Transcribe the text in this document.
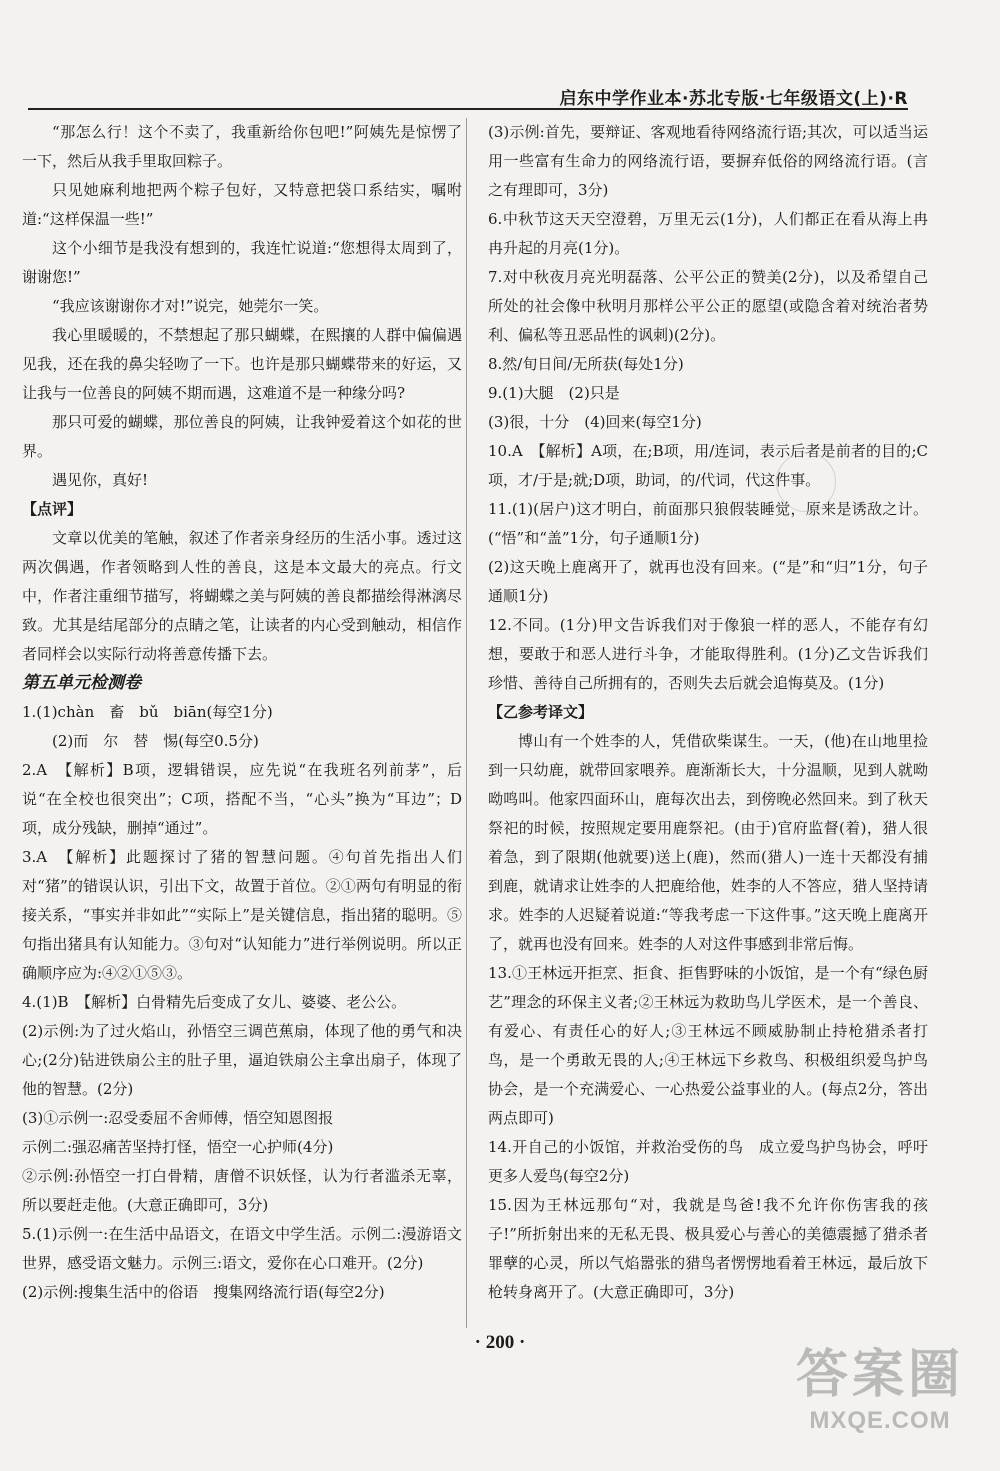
启东中学作业本·苏北专版·七年级语文(上)·R

“那怎么行！这个不卖了，我重新给你包吧!”阿姨先是惊愣了一下，然后从我手里取回粽子。

只见她麻利地把两个粽子包好，又特意把袋口系结实，嘱咐道:“这样保温一些!”

这个小细节是我没有想到的，我连忙说道:“您想得太周到了，谢谢您!”

“我应该谢谢你才对!”说完，她莞尔一笑。

我心里暖暖的，不禁想起了那只蝴蝶，在熙攘的人群中偏偏遇见我，还在我的鼻尖轻吻了一下。也许是那只蝴蝶带来的好运，又让我与一位善良的阿姨不期而遇，这难道不是一种缘分吗?

那只可爱的蝴蝶，那位善良的阿姨，让我钟爱着这个如花的世界。

遇见你，真好!

【点评】

文章以优美的笔触，叙述了作者亲身经历的生活小事。透过这两次偶遇，作者领略到人性的善良，这是本文最大的亮点。行文中，作者注重细节描写，将蝴蝶之美与阿姨的善良都描绘得淋漓尽致。尤其是结尾部分的点睛之笔，让读者的内心受到触动，相信作者同样会以实际行动将善意传播下去。

第五单元检测卷

1.(1)chàn　畜　bǔ　biān(每空1分)

(2)而　尔　替　惕(每空0.5分)

2.A　【解析】B项，逻辑错误，应先说“在我班名列前茅”，后说“在全校也很突出”；C项，搭配不当，“心头”换为“耳边”；D项，成分残缺，删掉“通过”。

3.A　【解析】此题探讨了猪的智慧问题。④句首先指出人们对“猪”的错误认识，引出下文，故置于首位。②①两句有明显的衔接关系，“事实并非如此”“实际上”是关键信息，指出猪的聪明。⑤句指出猪具有认知能力。③句对“认知能力”进行举例说明。所以正确顺序应为:④②①⑤③。

4.(1)B　【解析】白骨精先后变成了女儿、婆婆、老公公。

(2)示例:为了过火焰山，孙悟空三调芭蕉扇，体现了他的勇气和决心;(2分)钻进铁扇公主的肚子里，逼迫铁扇公主拿出扇子，体现了他的智慧。(2分)

(3)①示例一:忍受委屈不舍师傅，悟空知恩图报

示例二:强忍痛苦坚持打怪，悟空一心护师(4分)

②示例:孙悟空一打白骨精，唐僧不识妖怪，认为行者滥杀无辜，所以要赶走他。(大意正确即可，3分)

5.(1)示例一:在生活中品语文，在语文中学生活。示例二:漫游语文世界，感受语文魅力。示例三:语文，爱你在心口难开。(2分)

(2)示例:搜集生活中的俗语　搜集网络流行语(每空2分)

(3)示例:首先，要辩证、客观地看待网络流行语;其次，可以适当运用一些富有生命力的网络流行语，要摒弃低俗的网络流行语。(言之有理即可，3分)

6.中秋节这天天空澄碧，万里无云(1分)，人们都正在看从海上冉冉升起的月亮(1分)。

7.对中秋夜月亮光明磊落、公平公正的赞美(2分)，以及希望自己所处的社会像中秋明月那样公平公正的愿望(或隐含着对统治者势利、偏私等丑恶品性的讽刺)(2分)。

8.然/旬日间/无所获(每处1分)

9.(1)大腿　(2)只是

(3)很，十分　(4)回来(每空1分)

10.A　【解析】A项，在;B项，用/连词，表示后者是前者的目的;C项，才/于是;就;D项，助词，的/代词，代这件事。

11.(1)(居户)这才明白，前面那只狼假装睡觉，原来是诱敌之计。(“悟”和“盖”1分，句子通顺1分)

(2)这天晚上鹿离开了，就再也没有回来。(“是”和“归”1分，句子通顺1分)

12.不同。(1分)甲文告诉我们对于像狼一样的恶人，不能存有幻想，要敢于和恶人进行斗争，才能取得胜利。(1分)乙文告诉我们珍惜、善待自己所拥有的，否则失去后就会追悔莫及。(1分)

【乙参考译文】

博山有一个姓李的人，凭借砍柴谋生。一天，(他)在山地里捡到一只幼鹿，就带回家喂养。鹿渐渐长大，十分温顺，见到人就呦呦鸣叫。他家四面环山，鹿每次出去，到傍晚必然回来。到了秋天祭祀的时候，按照规定要用鹿祭祀。(由于)官府监督(着)，猎人很着急，到了限期(他就要)送上(鹿)，然而(猎人)一连十天都没有捕到鹿，就请求让姓李的人把鹿给他，姓李的人不答应，猎人坚持请求。姓李的人迟疑着说道:“等我考虑一下这件事。”这天晚上鹿离开了，就再也没有回来。姓李的人对这件事感到非常后悔。

13.①王林远开拒烹、拒食、拒售野味的小饭馆，是一个有“绿色厨艺”理念的环保主义者;②王林远为救助鸟儿学医术，是一个善良、有爱心、有责任心的好人;③王林远不顾威胁制止持枪猎杀者打鸟，是一个勇敢无畏的人;④王林远下乡救鸟、积极组织爱鸟护鸟协会，是一个充满爱心、一心热爱公益事业的人。(每点2分，答出两点即可)

14.开自己的小饭馆，并救治受伤的鸟　成立爱鸟护鸟协会，呼吁更多人爱鸟(每空2分)

15.因为王林远那句“对，我就是鸟爸!我不允许你伤害我的孩子!”所折射出来的无私无畏、极具爱心与善心的美德震撼了猎杀者罪孽的心灵，所以气焰嚣张的猎鸟者愣愣地看着王林远，最后放下枪转身离开了。(大意正确即可，3分)

· 200 ·
答案圈
MXQE.COM
